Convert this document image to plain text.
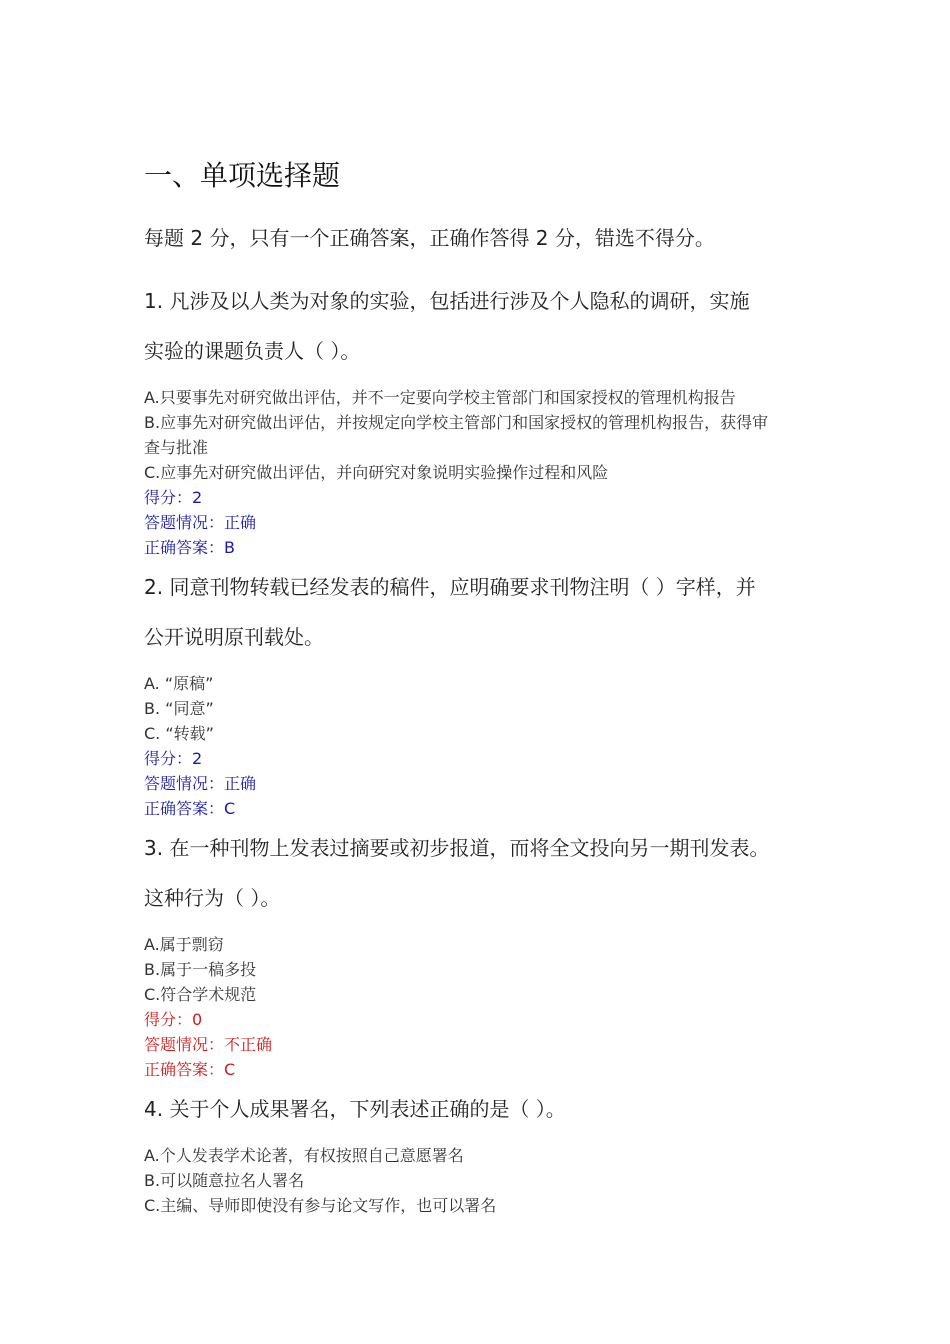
一、单项选择题
每题 2 分，只有一个正确答案，正确作答得 2 分，错选不得分。
1. 凡涉及以人类为对象的实验，包括进行涉及个人隐私的调研，实施
实验的课题负责人（ ）。
A.只要事先对研究做出评估，并不一定要向学校主管部门和国家授权的管理机构报告
B.应事先对研究做出评估，并按规定向学校主管部门和国家授权的管理机构报告，获得审
查与批准
C.应事先对研究做出评估，并向研究对象说明实验操作过程和风险
得分：2
答题情况：正确
正确答案：B
2. 同意刊物转载已经发表的稿件，应明确要求刊物注明（ ）字样，并
公开说明原刊载处。
A. “原稿”
B. “同意”
C. “转载”
得分：2
答题情况：正确
正确答案：C
3. 在一种刊物上发表过摘要或初步报道，而将全文投向另一期刊发表。
这种行为（ ）。
A.属于剽窃
B.属于一稿多投
C.符合学术规范
得分：0
答题情况：不正确
正确答案：C
4. 关于个人成果署名，下列表述正确的是（ ）。
A.个人发表学术论著，有权按照自己意愿署名
B.可以随意拉名人署名
C.主编、导师即使没有参与论文写作，也可以署名
